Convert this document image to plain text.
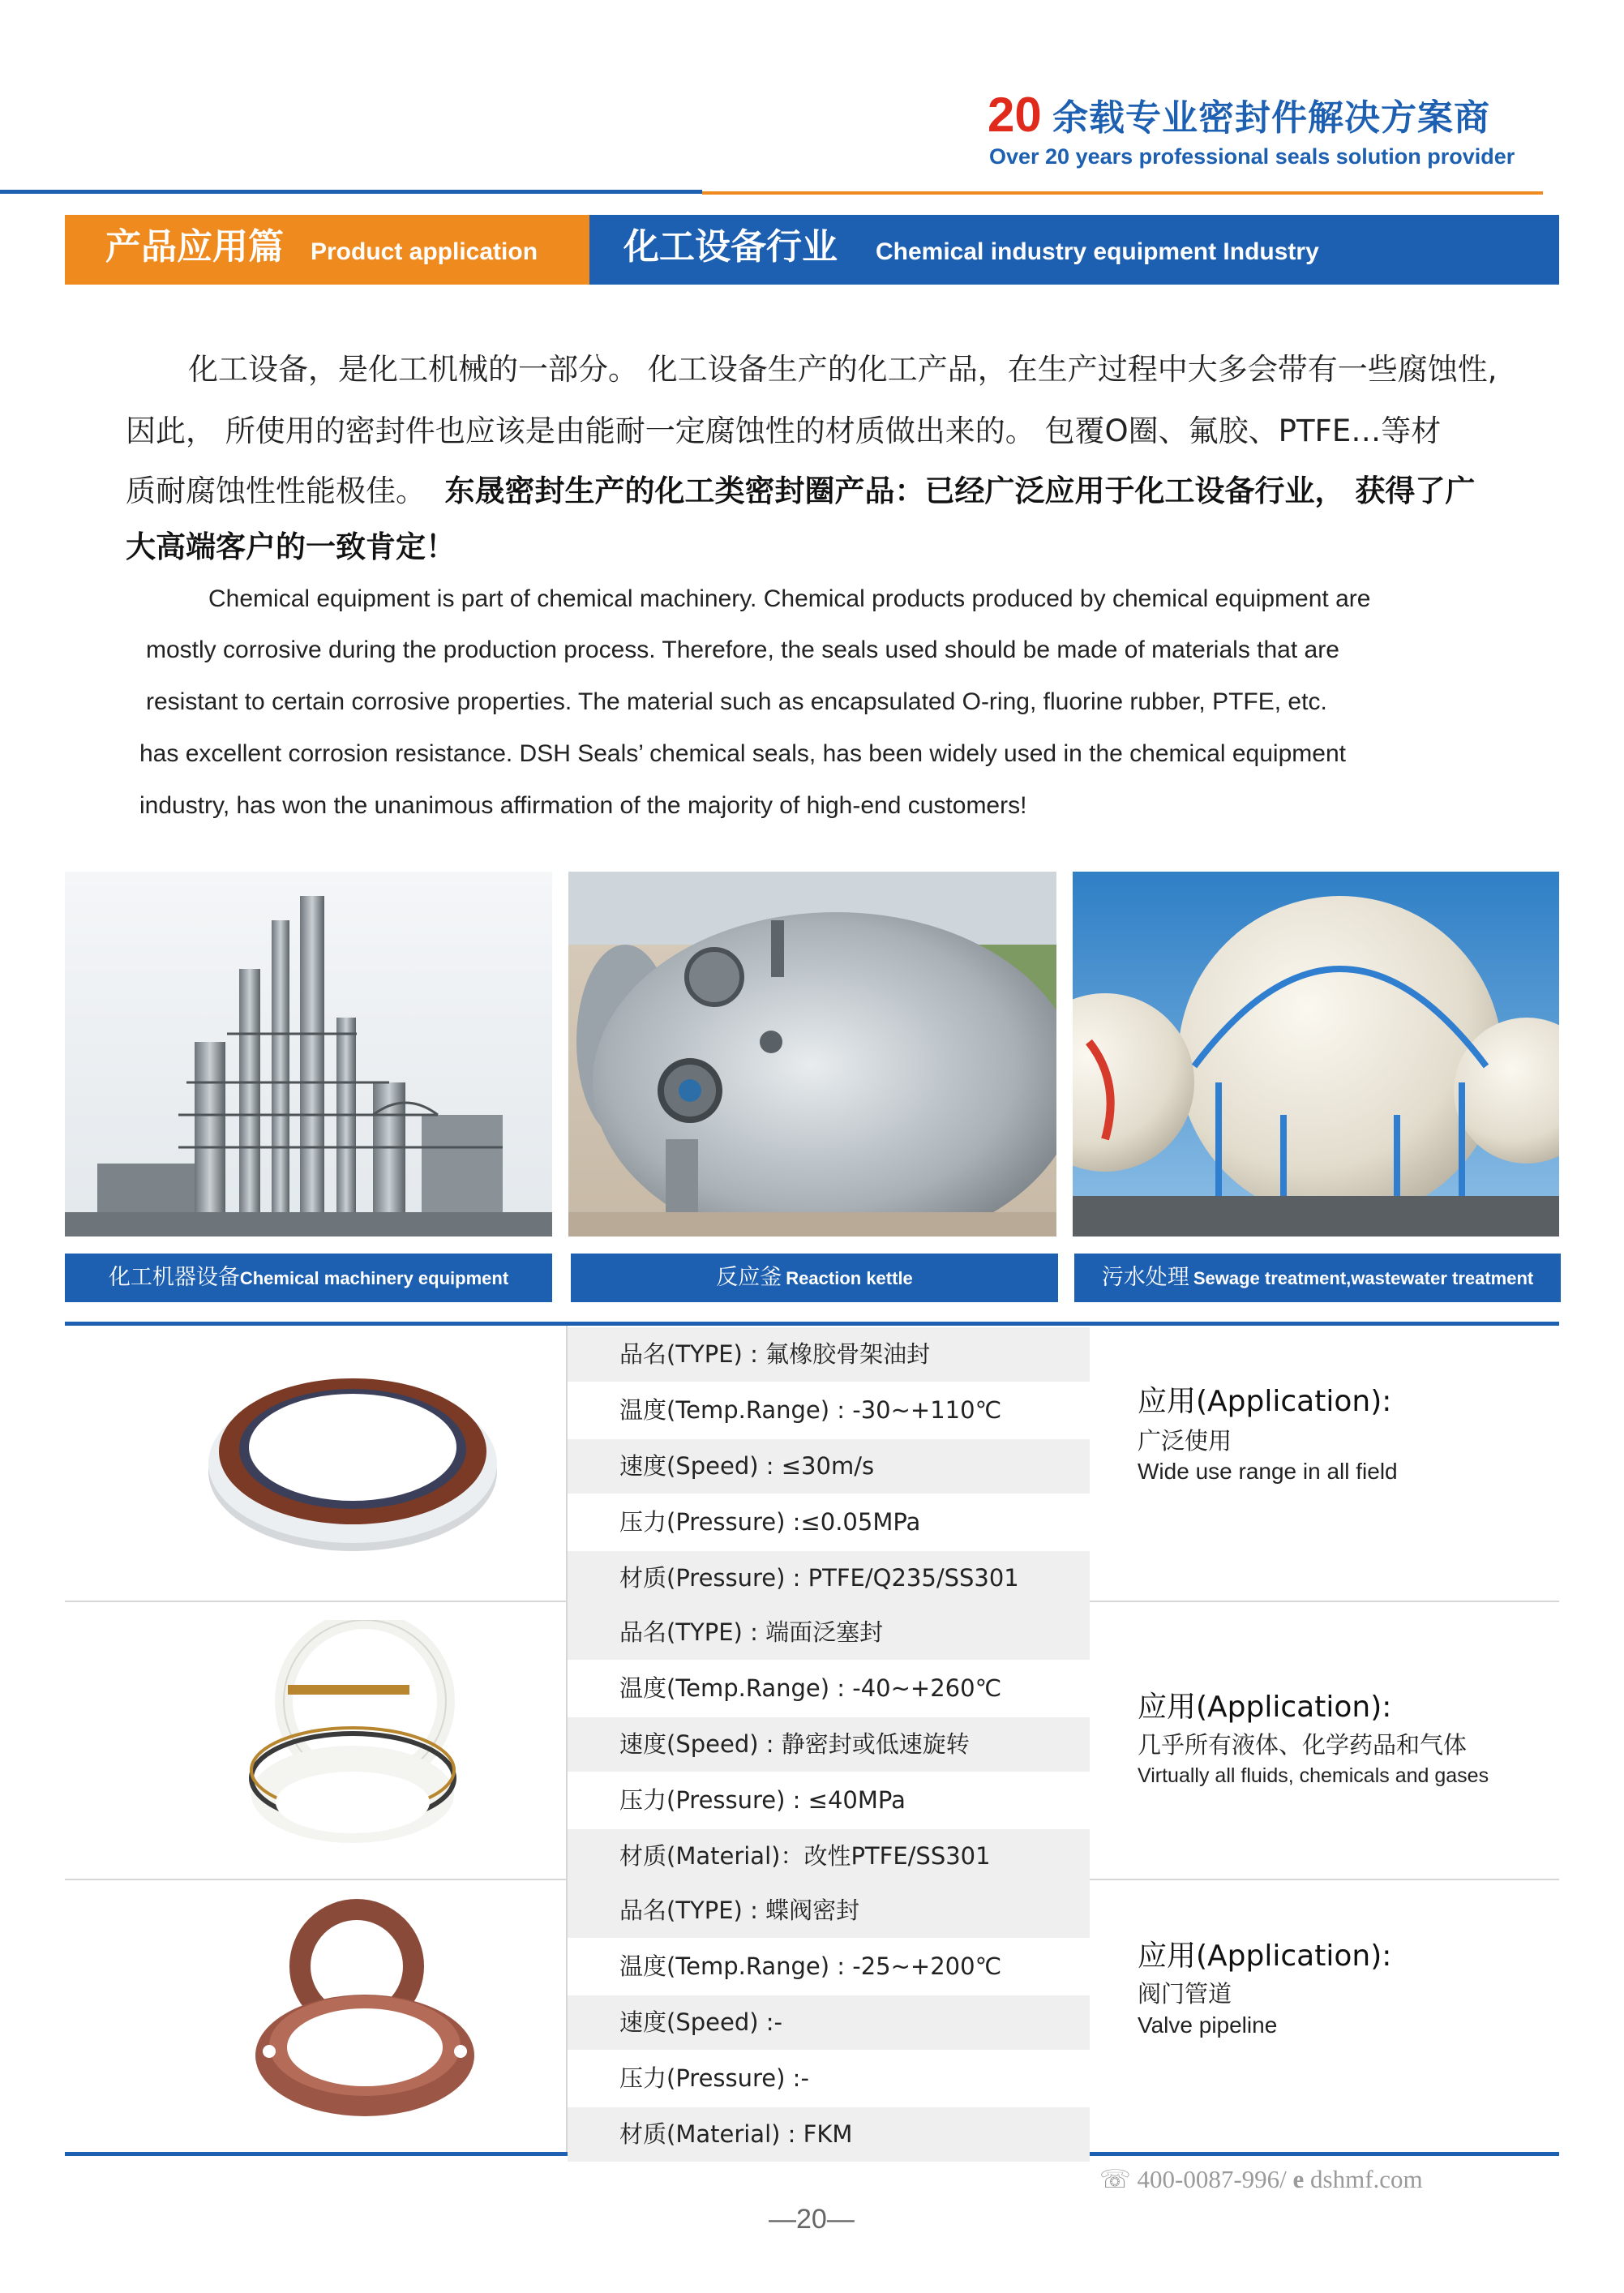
20 余载专业密封件解决方案商
Over 20 years professional seals solution provider
产品应用篇 Product application 化工设备行业 Chemical industry equipment Industry
化工设备，是化工机械的一部分。 化工设备生产的化工产品，在生产过程中大多会带有一些腐蚀性,
因此， 所使用的密封件也应该是由能耐一定腐蚀性的材质做出来的。 包覆O圈、氟胶、PTFE…等材
质耐腐蚀性性能极佳。 东晟密封生产的化工类密封圈产品：已经广泛应用于化工设备行业， 获得了广
大高端客户的一致肯定！
Chemical equipment is part of chemical machinery. Chemical products produced by chemical equipment are
mostly corrosive during the production process. Therefore, the seals used should be made of materials that are
resistant to certain corrosive properties. The material such as encapsulated O-ring, fluorine rubber, PTFE, etc.
has excellent corrosion resistance. DSH Seals’ chemical seals, has been widely used in the chemical equipment
industry, has won the unanimous affirmation of the majority of high-end customers!
化工机器设备Chemical machinery equipment	反应釜 Reaction kettle	污水处理 Sewage treatment,wastewater treatment
品名(TYPE) : 氟橡胶骨架油封
温度(Temp.Range) : -30~+110℃
速度(Speed) : ≤30m/s
压力(Pressure) :≤0.05MPa
材质(Pressure) : PTFE/Q235/SS301
应用(Application):
广泛使用
Wide use range in all field
品名(TYPE) : 端面泛塞封
温度(Temp.Range) : -40~+260℃
速度(Speed) : 静密封或低速旋转
压力(Pressure) : ≤40MPa
材质(Material)：改性PTFE/SS301
应用(Application):
几乎所有液体、化学药品和气体
Virtually all fluids, chemicals and gases
品名(TYPE) : 蝶阀密封
温度(Temp.Range) : -25~+200℃
速度(Speed) :-
压力(Pressure) :-
材质(Material) : FKM
应用(Application):
阀门管道
Valve pipeline
☏ 400-0087-996/ e dshmf.com
—20—
